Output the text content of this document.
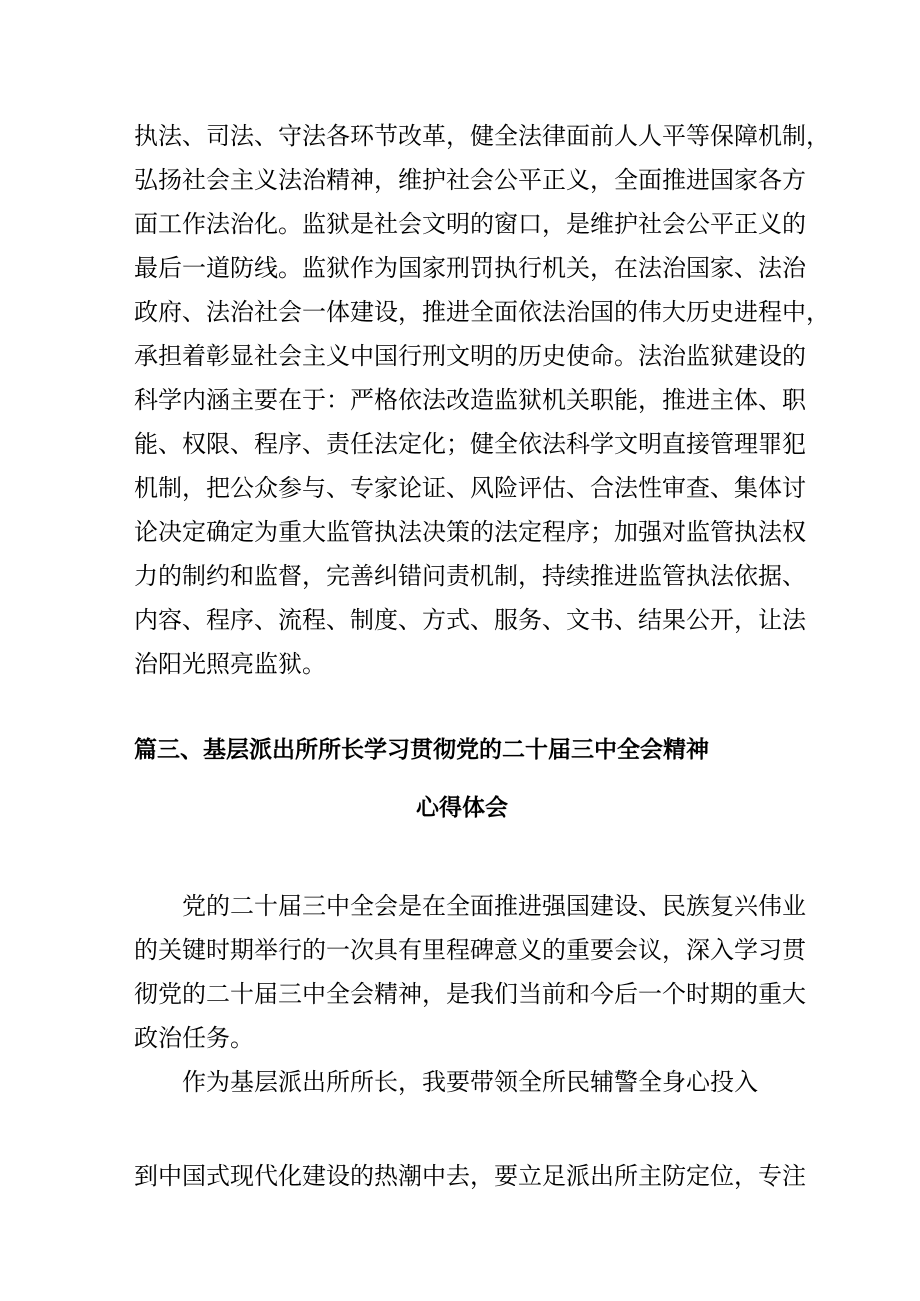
执法、司法、守法各环节改革，健全法律面前人人平等保障机制，
弘扬社会主义法治精神，维护社会公平正义，全面推进国家各方
面工作法治化。监狱是社会文明的窗口，是维护社会公平正义的
最后一道防线。监狱作为国家刑罚执行机关，在法治国家、法治
政府、法治社会一体建设，推进全面依法治国的伟大历史进程中，
承担着彰显社会主义中国行刑文明的历史使命。法治监狱建设的
科学内涵主要在于：严格依法改造监狱机关职能，推进主体、职
能、权限、程序、责任法定化；健全依法科学文明直接管理罪犯
机制，把公众参与、专家论证、风险评估、合法性审查、集体讨
论决定确定为重大监管执法决策的法定程序；加强对监管执法权
力的制约和监督，完善纠错问责机制，持续推进监管执法依据、
内容、程序、流程、制度、方式、服务、文书、结果公开，让法
治阳光照亮监狱。
篇三、基层派出所所长学习贯彻党的二十届三中全会精神
心得体会
党的二十届三中全会是在全面推进强国建设、民族复兴伟业
的关键时期举行的一次具有里程碑意义的重要会议，深入学习贯
彻党的二十届三中全会精神，是我们当前和今后一个时期的重大
政治任务。
作为基层派出所所长，我要带领全所民辅警全身心投入
到中国式现代化建设的热潮中去，要立足派出所主防定位，专注
